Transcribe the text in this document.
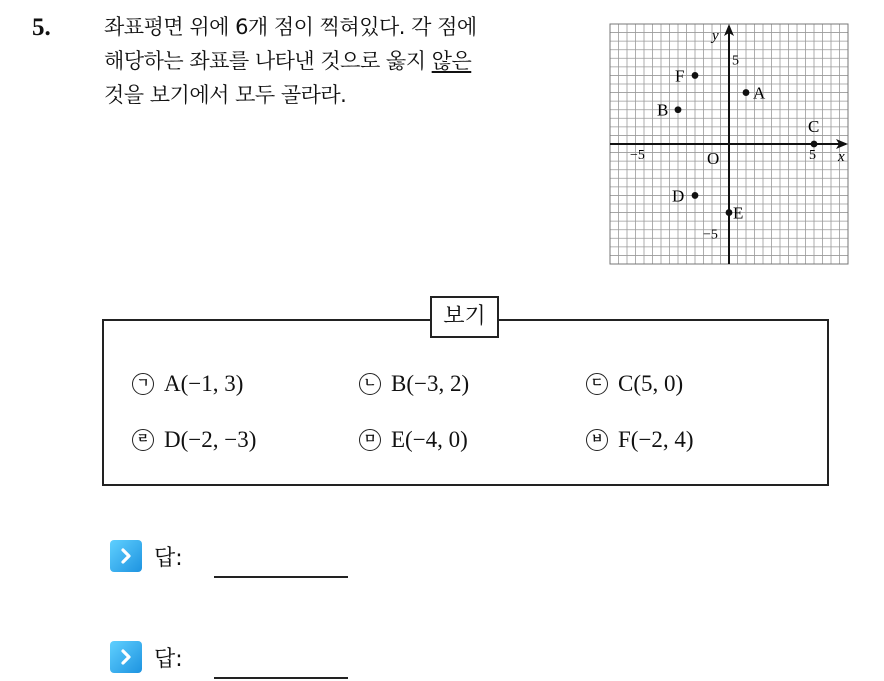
5.	좌표평면 위에 6개 점이 찍혀있다. 각 점에
해당하는 좌표를 나타낸 것으로 옳지 않은
것을 보기에서 모두 골라라.
x
y
O
−5	5
5
−5
A
B
C
D
E
F
보기
ㄱ A(−1, 3)	ㄴ B(−3, 2)	ㄷ C(5, 0)
ㄹ D(−2, −3)	ㅁ E(−4, 0)	ㅂ F(−2, 4)
답:
답:
